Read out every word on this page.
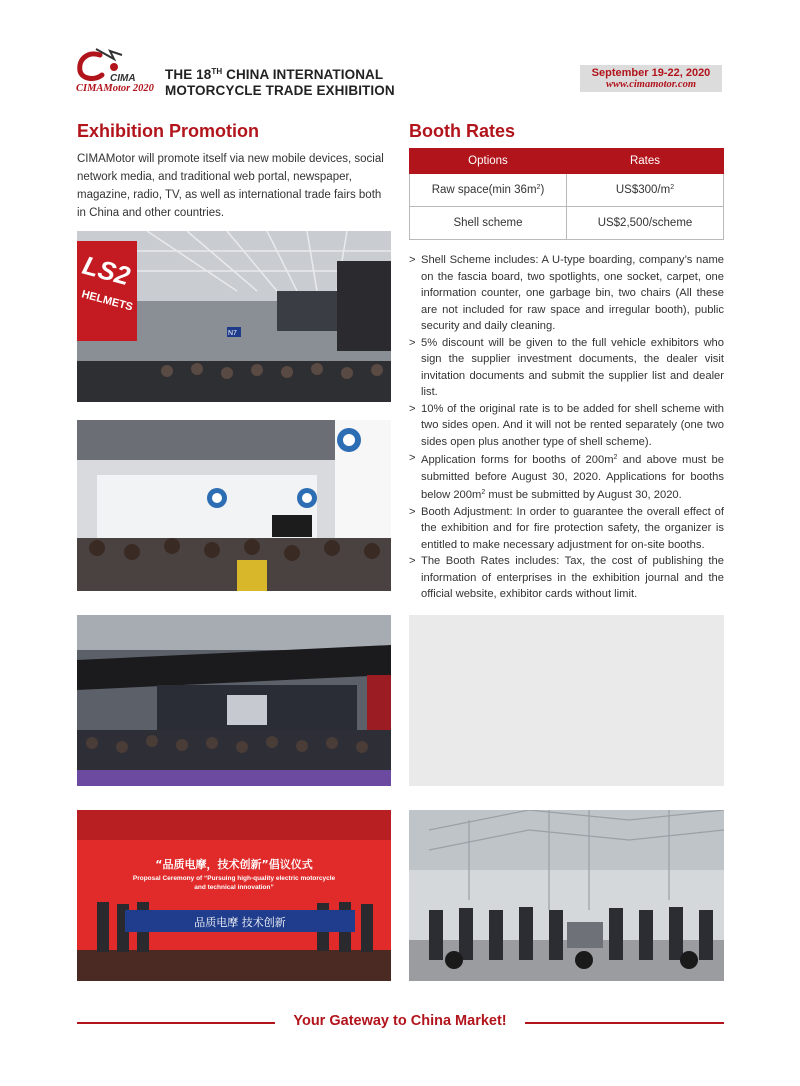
CIMA
CIMAMotor 2020
THE 18TH CHINA INTERNATIONAL
MOTORCYCLE TRADE EXHIBITION
September 19-22, 2020
www.cimamotor.com
Exhibition Promotion
CIMAMotor will promote itself via new mobile devices, social network media, and traditional web portal, newspaper, magazine, radio, TV, as well as international trade fairs both in China and other countries.
Booth Rates
Options	Rates
Raw space(min $36m^2$)	$US\$300/m^2$
Shell scheme	US$2,500/scheme
> Shell Scheme includes: A U-type boarding, company’s name on the fascia board, two spotlights, one socket, carpet, one information counter, one garbage bin, two chairs (All these are not included for raw space and irregular booth), public security and daily cleaning.
> 5% discount will be given to the full vehicle exhibitors who sign the supplier investment documents, the dealer visit invitation documents and submit the supplier list and dealer list.
> 10% of the original rate is to be added for shell scheme with two sides open. And it will not be rented separately (one two sides open plus another type of shell scheme).
> Application forms for booths of $200m^2$ and above must be submitted before August 30, 2020. Applications for booths below $200m^2$ must be submitted by August 30, 2020.
> Booth Adjustment: In order to guarantee the overall effect of the exhibition and for fire protection safety, the organizer is entitled to make necessary adjustment for on-site booths.
> The Booth Rates includes: Tax, the cost of publishing the information of enterprises in the exhibition journal and the official website, exhibitor cards without limit.
LS2
HELMETS
N7
“品质电摩，技术创新”倡议仪式
Proposal Ceremony of “Pursuing high-quality electric motorcycle
and technical innovation”
品质电摩 技术创新
Your Gateway to China Market!
